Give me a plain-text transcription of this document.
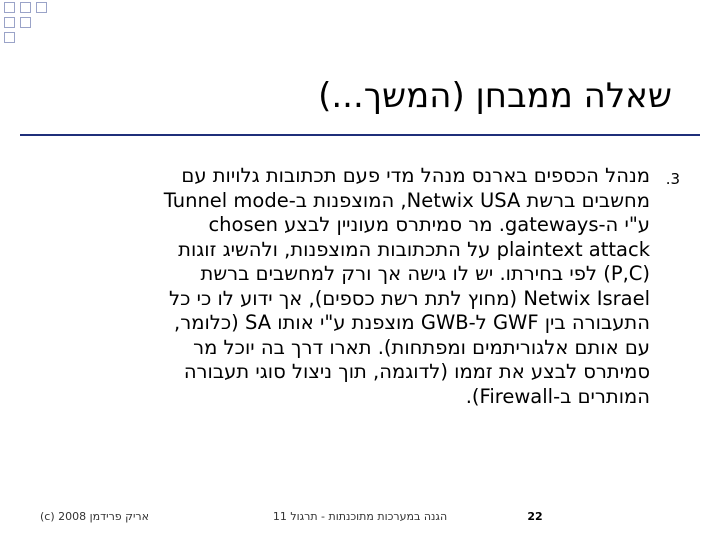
שאלה ממבחן (המשך...)
.3
מנהל הכספים בארנס מנהל מדי פעם תכתובות גלויות עם
מחשבים ברשת Netwix USA, המוצפנות ב-Tunnel mode
ע"י ה-gateways. מר סמיתרס מעוניין לבצע chosen
plaintext attack על התכתובות המוצפנות, ולהשיג זוגות
(P,C) לפי בחירתו. יש לו גישה אך ורק למחשבים ברשת
Netwix Israel (מחוץ לתת רשת כספים), אך ידוע לו כי כל
התעבורה בין GWF ל-GWB מוצפנת ע"י אותו SA (כלומר,
עם אותם אלגוריתמים ומפתחות). תארו דרך בה יוכל מר
סמיתרס לבצע את זממו (לדוגמה, תוך ניצול סוגי תעבורה
המותרים ב-Firewall).
אריק פרידמן 2008 (c)	הגנה במערכות מתוכנתות - תרגול 11	22
